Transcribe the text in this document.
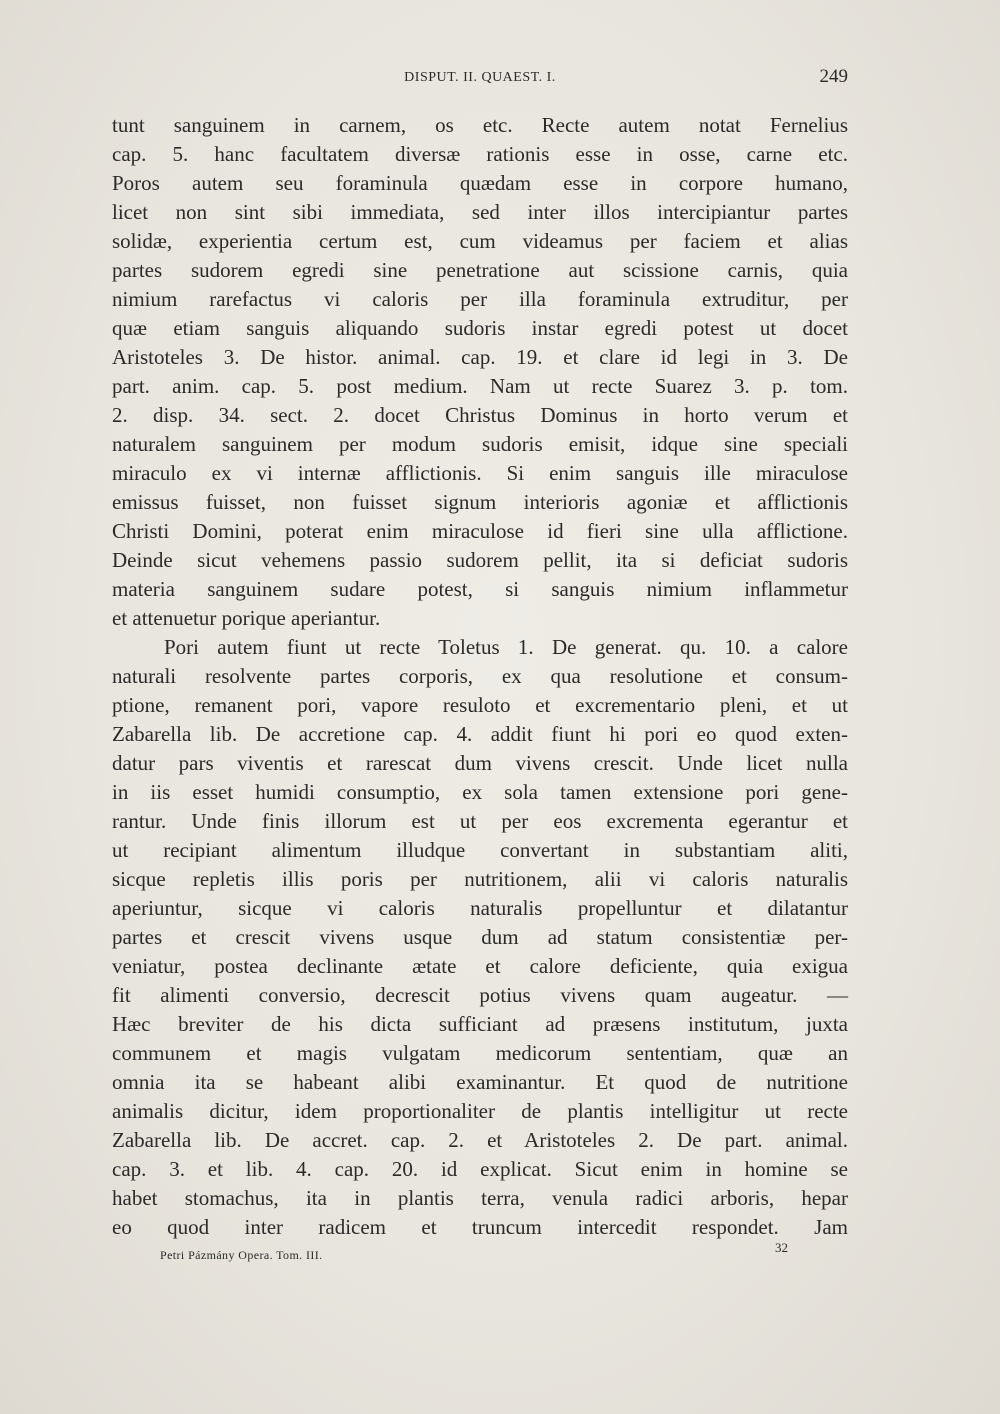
DISPUT. II. QUAEST. I.	249
tunt sanguinem in carnem, os etc. Recte autem notat Fernelius
cap. 5. hanc facultatem diversæ rationis esse in osse, carne etc.
Poros autem seu foraminula quædam esse in corpore humano,
licet non sint sibi immediata, sed inter illos intercipiantur partes
solidæ, experientia certum est, cum videamus per faciem et alias
partes sudorem egredi sine penetratione aut scissione carnis, quia
nimium rarefactus vi caloris per illa foraminula extruditur, per
quæ etiam sanguis aliquando sudoris instar egredi potest ut docet
Aristoteles 3. De histor. animal. cap. 19. et clare id legi in 3. De
part. anim. cap. 5. post medium. Nam ut recte Suarez 3. p. tom.
2. disp. 34. sect. 2. docet Christus Dominus in horto verum et
naturalem sanguinem per modum sudoris emisit, idque sine speciali
miraculo ex vi internæ afflictionis. Si enim sanguis ille miraculose
emissus fuisset, non fuisset signum interioris agoniæ et afflictionis
Christi Domini, poterat enim miraculose id fieri sine ulla afflictione.
Deinde sicut vehemens passio sudorem pellit, ita si deficiat sudoris
materia sanguinem sudare potest, si sanguis nimium inflammetur
et attenuetur porique aperiantur.
Pori autem fiunt ut recte Toletus 1. De generat. qu. 10. a calore
naturali resolvente partes corporis, ex qua resolutione et consum-
ptione, remanent pori, vapore resuloto et excrementario pleni, et ut
Zabarella lib. De accretione cap. 4. addit fiunt hi pori eo quod exten-
datur pars viventis et rarescat dum vivens crescit. Unde licet nulla
in iis esset humidi consumptio, ex sola tamen extensione pori gene-
rantur. Unde finis illorum est ut per eos excrementa egerantur et
ut recipiant alimentum illudque convertant in substantiam aliti,
sicque repletis illis poris per nutritionem, alii vi caloris naturalis
aperiuntur, sicque vi caloris naturalis propelluntur et dilatantur
partes et crescit vivens usque dum ad statum consistentiæ per-
veniatur, postea declinante ætate et calore deficiente, quia exigua
fit alimenti conversio, decrescit potius vivens quam augeatur. —
Hæc breviter de his dicta sufficiant ad præsens institutum, juxta
communem et magis vulgatam medicorum sententiam, quæ an
omnia ita se habeant alibi examinantur. Et quod de nutritione
animalis dicitur, idem proportionaliter de plantis intelligitur ut recte
Zabarella lib. De accret. cap. 2. et Aristoteles 2. De part. animal.
cap. 3. et lib. 4. cap. 20. id explicat. Sicut enim in homine se
habet stomachus, ita in plantis terra, venula radici arboris, hepar
eo quod inter radicem et truncum intercedit respondet. Jam
Petri Pázmány Opera. Tom. III.	32
